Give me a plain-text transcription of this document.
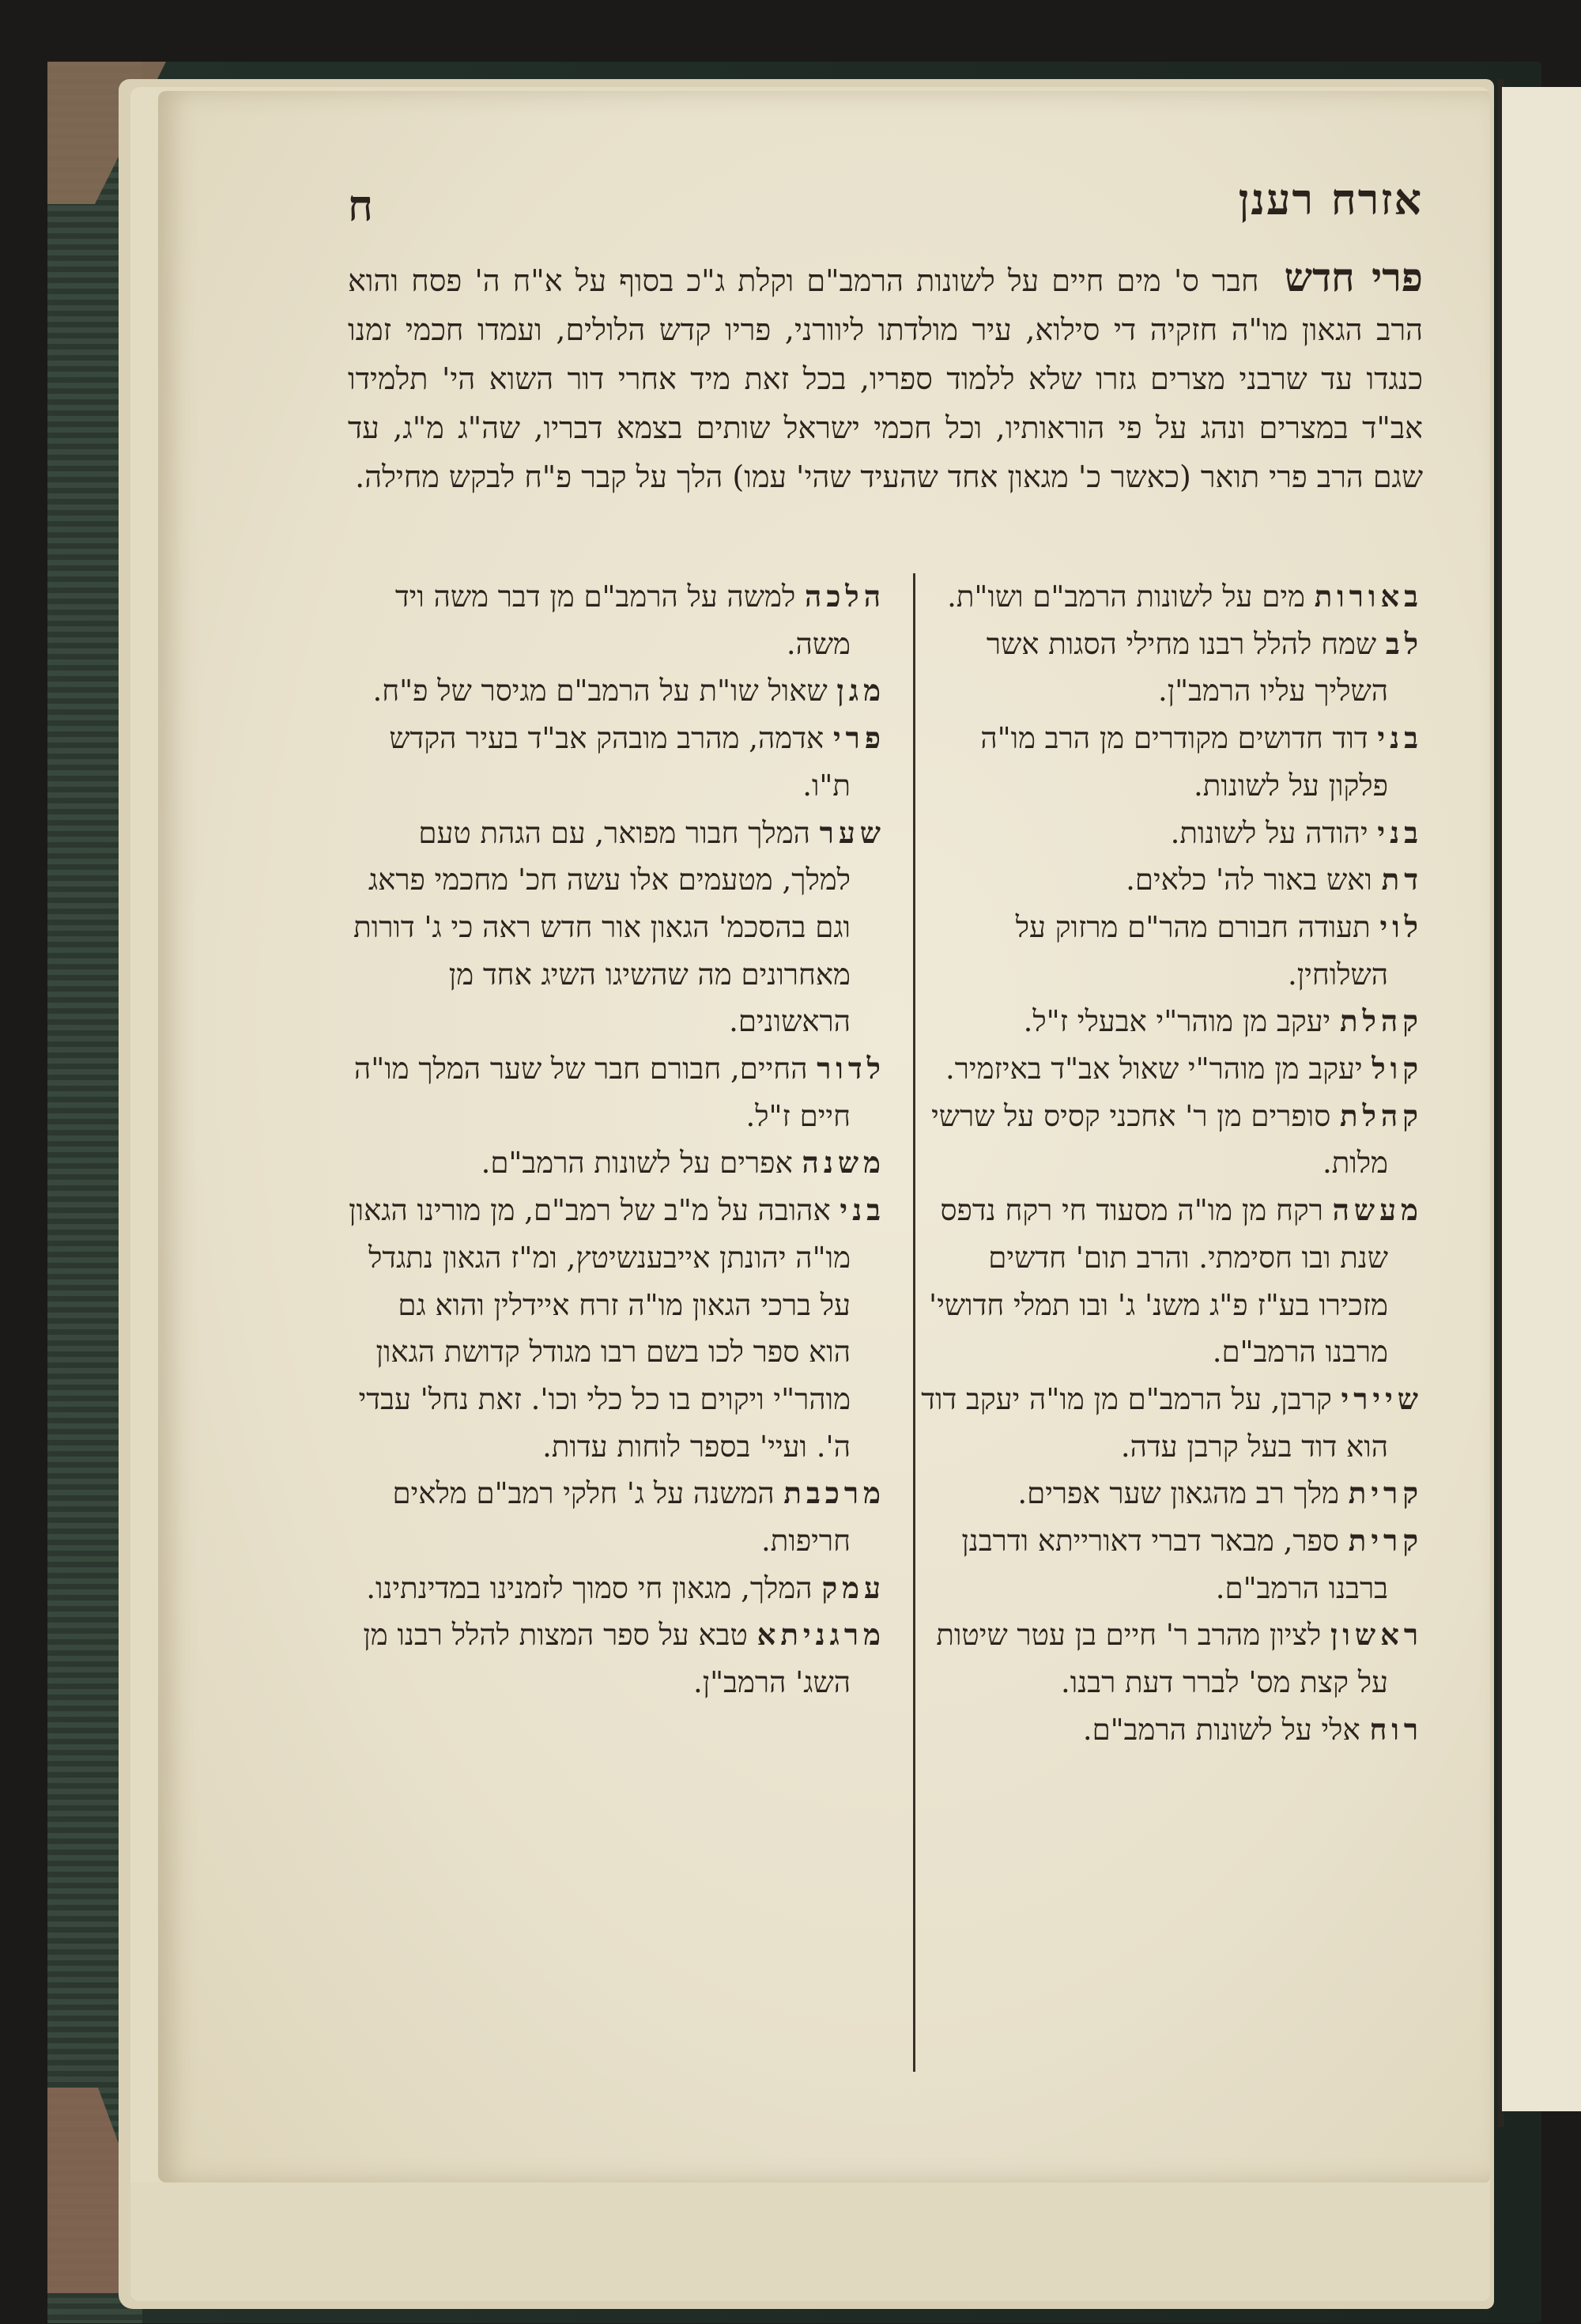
אזרח רענן
ח
פרי חדש חבר ס' מים חיים על לשונות הרמב"ם וקלת ג"כ בסוף על א"ח ה' פסח והוא הרב הגאון מו"ה חזקיה די סילוא, עיר מולדתו ליוורני, פריו קדש הלולים, ועמדו חכמי זמנו כנגדו עד שרבני מצרים גזרו שלא ללמוד ספריו, בכל זאת מיד אחרי דור השוא הי' תלמידו אב"ד במצרים ונהג על פי הוראותיו, וכל חכמי ישראל שותים בצמא דבריו, שה"ג מ"ג, עד שגם הרב פרי תואר (כאשר כ' מגאון אחד שהעיד שהי' עמו) הלך על קבר פ"ח לבקש מחילה.

באורות מים על לשונות הרמב"ם ושו"ת.

לב שמח להלל רבנו מחילי הסגות אשר השליך עליו הרמב"ן.

בני דוד חדושים מקודרים מן הרב מו"ה פלקון על לשונות.

בני יהודה על לשונות.

דת ואש באור לה' כלאים.

לוי תעודה חבורם מהר"ם מרזוק על השלוחין.

קהלת יעקב מן מוהר"י אבעלי ז"ל.

קול יעקב מן מוהר"י שאול אב"ד באיזמיר.

קהלת סופרים מן ר' אחכני קסיס על שרשי מלות.

מעשה רקח מן מו"ה מסעוד חי רקח נדפס שנת ובו חסימתי. והרב תום' חדשים מזכירו בע"ז פ"ג משנ' ג' ובו תמלי חדושי' מרבנו הרמב"ם.

שיירי קרבן, על הרמב"ם מן מו"ה יעקב דוד הוא דוד בעל קרבן עדה.

קרית מלך רב מהגאון שער אפרים.

קרית ספר, מבאר דברי דאורייתא ודרבנן ברבנו הרמב"ם.

ראשון לציון מהרב ר' חיים בן עטר שיטות על קצת מס' לברר דעת רבנו.

רוח אלי על לשונות הרמב"ם.

הלכה למשה על הרמב"ם מן דבר משה ויד משה.

מגן שאול שו"ת על הרמב"ם מגיסר של פ"ח.

פרי אדמה, מהרב מובהק אב"ד בעיר הקדש ת"ו.

שער המלך חבור מפואר, עם הגהת טעם למלך, מטעמים אלו עשה חכ' מחכמי פראג וגם בהסכמ' הגאון אור חדש ראה כי ג' דורות מאחרונים מה שהשיגו השיג אחד מן הראשונים.

לדור החיים, חבורם חבר של שער המלך מו"ה חיים ז"ל.

משנה אפרים על לשונות הרמב"ם.

בני אהובה על מ"ב של רמב"ם, מן מורינו הגאון מו"ה יהונתן אייבענשיטץ, ומ"ז הגאון נתגדל על ברכי הגאון מו"ה זרח איידלין והוא גם הוא ספר לכו בשם רבו מגודל קדושת הגאון מוהר"י ויקוים בו כל כלי וכו'. זאת נחל' עבדי ה'. ועיי' בספר לוחות עדות.

מרכבת המשנה על ג' חלקי רמב"ם מלאים חריפות.

עמק המלך, מגאון חי סמוך לזמנינו במדינתינו.

מרגניתא טבא על ספר המצות להלל רבנו מן השג' הרמב"ן.
